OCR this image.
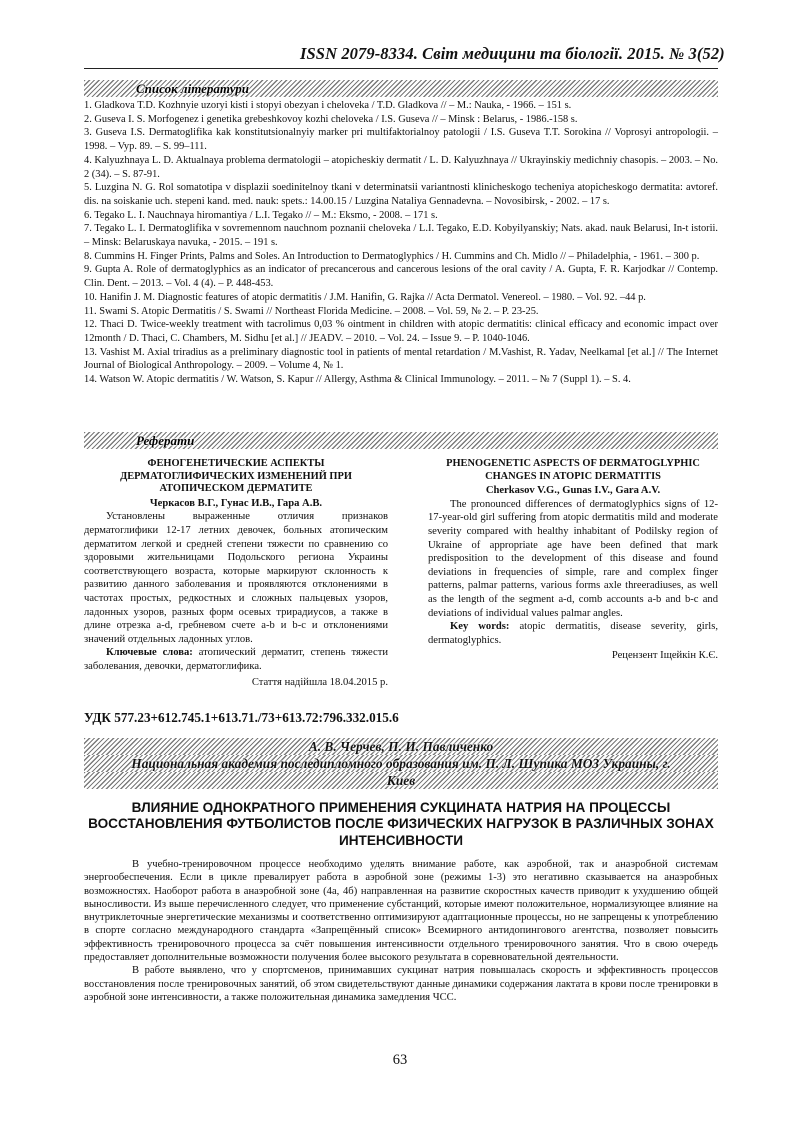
ISSN 2079-8334. Світ медицини та біології. 2015. № 3(52)
Список літератури

1. Gladkova T.D. Kozhnyie uzoryi kisti i stopyi obezyan i cheloveka / T.D. Gladkova // – M.: Nauka, - 1966. – 151 s.

2. Guseva I. S. Morfogenez i genetika grebeshkovoy kozhi cheloveka / I.S. Guseva // – Minsk : Belarus, - 1986.-158 s.

3. Guseva I.S. Dermatoglifika kak konstitutsionalnyiy marker pri multifaktorialnoy patologii / I.S. Guseva T.T. Sorokina // Voprosyi antropologii. – 1998. – Vyp. 89. – S. 99–111.

4. Kalyuzhnaya L. D. Aktualnaya problema dermatologii – atopicheskiy dermatit / L. D. Kalyuzhnaya // Ukrayinskiy medichniy chasopis. – 2003. – No. 2 (34). – S. 87-91.

5. Luzgina N. G. Rol somatotipa v displazii soedinitelnoy tkani v determinatsii variantnosti klinicheskogo techeniya atopicheskogo dermatita: avtoref. dis. na soiskanie uch. stepeni kand. med. nauk: spets.: 14.00.15 / Luzgina Nataliya Gennadevna. – Novosibirsk, - 2002. – 17 s.

6. Tegako L. I. Nauchnaya hiromantiya / L.I. Tegako // – M.: Eksmo, - 2008. – 171 s.

7. Tegako L. I. Dermatoglifika v sovremennom nauchnom poznanii cheloveka / L.I. Tegako, E.D. Kobyilyanskiy; Nats. akad. nauk Belarusi, In-t istorii. – Minsk: Belaruskaya navuka, - 2015. – 191 s.

8. Cummins H. Finger Prints, Palms and Soles. An Introduction to Dermatoglyphics / H. Cummins and Ch. Midlo // – Philadelphia, - 1961. – 300 p.

9. Gupta A. Role of dermatoglyphics as an indicator of precancerous and cancerous lesions of the oral cavity / A. Gupta, F. R. Karjodkar // Contemp. Clin. Dent. – 2013. – Vol. 4 (4). – P. 448-453.

10. Hanifin J. M. Diagnostic features of atopic dermatitis / J.M. Hanifin, G. Rajka // Acta Dermatol. Venereol. – 1980. – Vol. 92. –44 p.

11. Swami S. Atopic Dermatitis / S. Swami // Northeast Florida Medicine. – 2008. – Vol. 59, № 2. – P. 23-25.

12. Thaci D. Twice-weekly treatment with tacrolimus 0,03 % ointment in children with atopic dermatitis: clinical efficacy and economic impact over 12month / D. Thaci, C. Chambers, M. Sidhu [et al.] // JEADV. – 2010. – Vol. 24. – Issue 9. – P. 1040-1046.

13. Vashist M. Axial triradius as a preliminary diagnostic tool in patients of mental retardation / M.Vashist, R. Yadav, Neelkamal [et al.] // The Internet Journal of Biological Anthropology. – 2009. – Volume 4, № 1.

14. Watson W. Atopic dermatitis / W. Watson, S. Kapur // Allergy, Asthma & Clinical Immunology. – 2011. – № 7 (Suppl 1). – S. 4.

Реферати

ФЕНОГЕНЕТИЧЕСКИЕ АСПЕКТЫ ДЕРМАТОГЛИФИЧЕСКИХ ИЗМЕНЕНИЙ ПРИ АТОПИЧЕСКОМ ДЕРМАТИТЕ

Черкасов В.Г., Гунас И.В., Гара А.В.

Установлены выраженные отличия признаков дерматоглифики 12-17 летних девочек, больных атопическим дерматитом легкой и средней степени тяжести по сравнению со здоровыми жительницами Подольского региона Украины соответствующего возраста, которые маркируют склонность к развитию данного заболевания и проявляются отклонениями в частотах простых, редкостных и сложных пальцевых узоров, ладонных узоров, разных форм осевых трирадиусов, а также в длине отрезка a-d, гребневом счете a-b и b-c и отклонениями значений отдельных ладонных углов.

Ключевые слова: атопический дерматит, степень тяжести заболевания, девочки, дерматоглифика.

Стаття надійшла 18.04.2015 р.

PHENOGENETIC ASPECTS OF DERMATOGLYPHIC CHANGES IN ATOPIC DERMATITIS

Cherkasov V.G., Gunas I.V., Gara A.V.

The pronounced differences of dermatoglyphics signs of 12-17-year-old girl suffering from atopic dermatitis mild and moderate severity compared with healthy inhabitant of Podilsky region of Ukraine of appropriate age have been defined that mark predisposition to the development of this disease and found deviations in frequencies of simple, rare and complex finger patterns, palmar patterns, various forms axle threeradiuses, as well as the length of the segment a-d, comb accounts a-b and b-c and deviations of individual values palmar angles.

Key words: atopic dermatitis, disease severity, girls, dermatoglyphics.

Рецензент Іщейкін К.Є.

УДК 577.23+612.745.1+613.71./73+613.72:796.332.015.6
А. В. Черчев, П. И. Павличенко
Национальная академия последипломного образования им. П. Л. Шупика МОЗ Украины, г.
Киев

ВЛИЯНИЕ ОДНОКРАТНОГО ПРИМЕНЕНИЯ СУКЦИНАТА НАТРИЯ НА ПРОЦЕССЫ ВОССТАНОВЛЕНИЯ ФУТБОЛИСТОВ ПОСЛЕ ФИЗИЧЕСКИХ НАГРУЗОК В РАЗЛИЧНЫХ ЗОНАХ ИНТЕНСИВНОСТИ

В учебно-тренировочном процессе необходимо уделять внимание работе, как аэробной, так и анаэробной системам энергообеспечения. Если в цикле превалирует работа в аэробной зоне (режимы 1-3) это негативно сказывается на анаэробных возможностях. Наоборот работа в анаэробной зоне (4а, 4б) направленная на развитие скоростных качеств приводит к ухудшению общей выносливости. Из выше перечисленного следует, что применение субстанций, которые имеют положительное, нормализующее влияние на внутриклеточные энергетические механизмы и соответственно оптимизируют адаптационные процессы, но не запрещены к употреблению в спорте согласно международного стандарта «Запрещённый список» Всемирного антидопингового агентства, позволяет повысить эффективность тренировочного процесса за счёт повышения интенсивности отдельного тренировочного занятия. Что в свою очередь предоставляет дополнительные возможности получения более высокого результата в соревновательной деятельности.

В работе выявлено, что у спортсменов, принимавших сукцинат натрия повышалась скорость и эффективность процессов восстановления после тренировочных занятий, об этом свидетельствуют данные динамики содержания лактата в крови после тренировки в аэробной зоне интенсивности, а также положительная динамика замедления ЧСС.

63
